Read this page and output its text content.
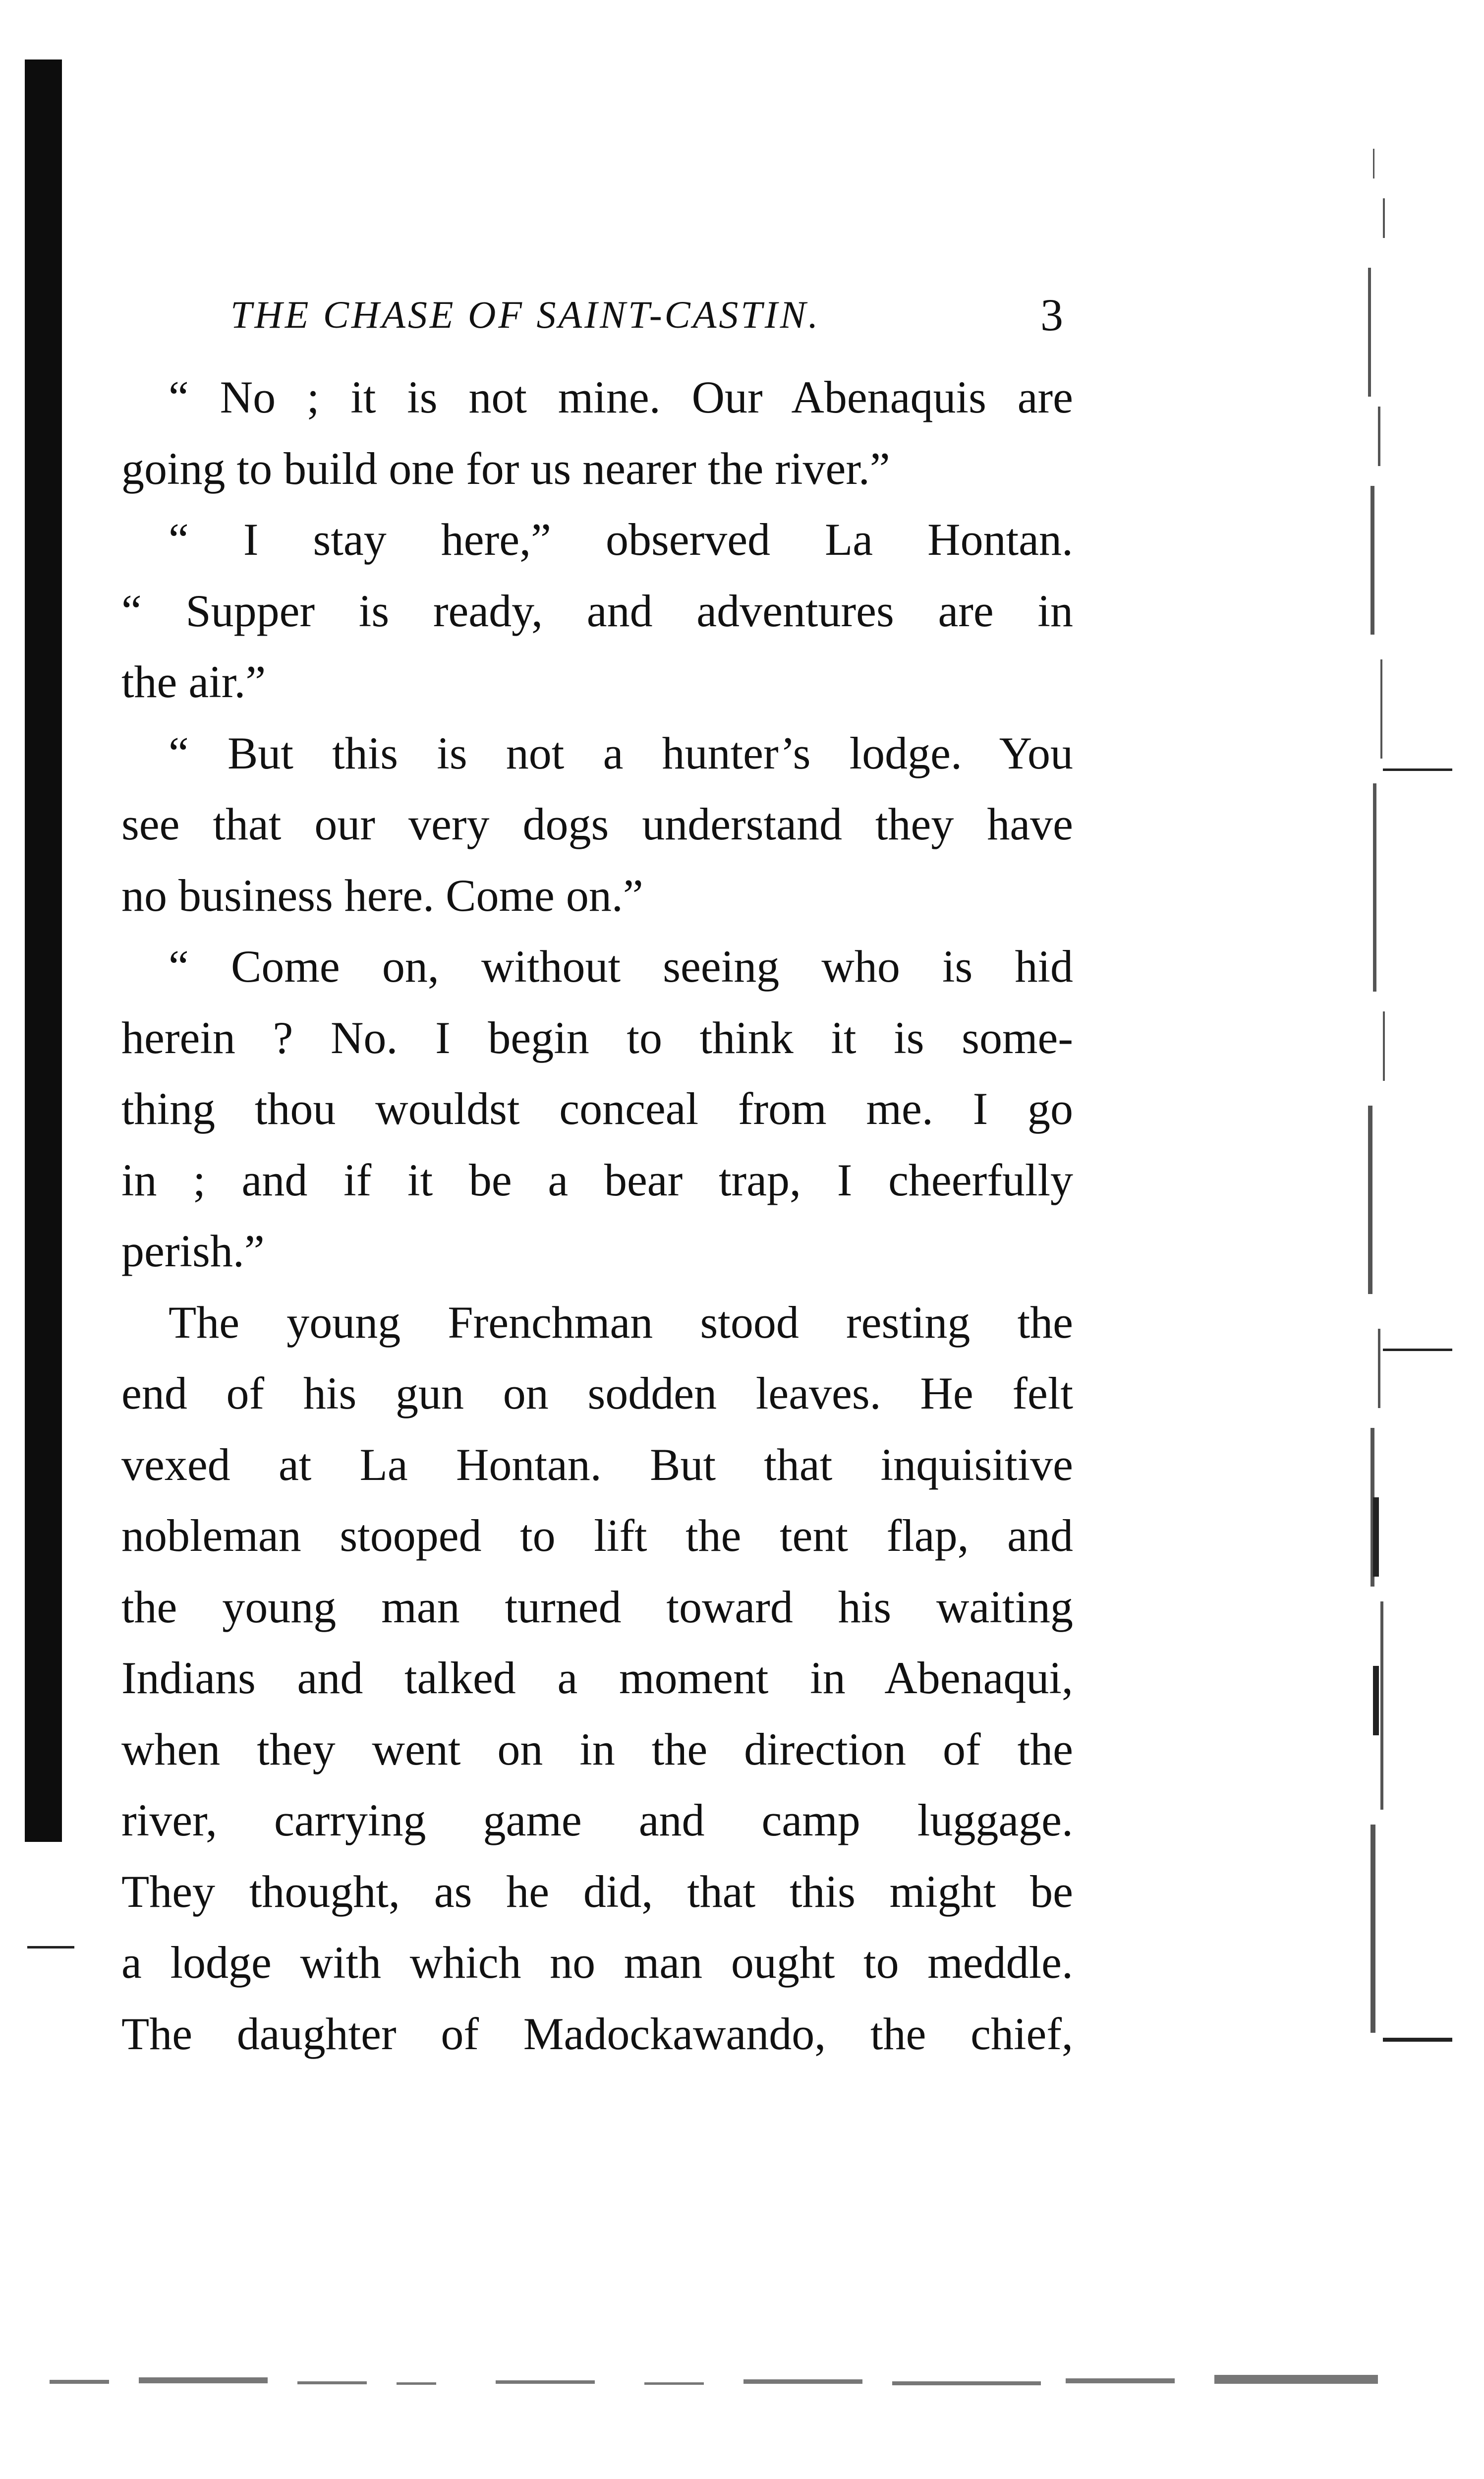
THE CHASE OF SAINT-CASTIN.	3
“ No ; it is not mine. Our Abenaquis are
going to build one for us nearer the river.”
“ I stay here,” observed La Hontan.
“ Supper is ready, and adventures are in
the air.”
“ But this is not a hunter’s lodge. You
see that our very dogs understand they have
no business here. Come on.”
“ Come on, without seeing who is hid
herein ? No. I begin to think it is some-
thing thou wouldst conceal from me. I go
in ; and if it be a bear trap, I cheerfully
perish.”
The young Frenchman stood resting the
end of his gun on sodden leaves. He felt
vexed at La Hontan. But that inquisitive
nobleman stooped to lift the tent flap, and
the young man turned toward his waiting
Indians and talked a moment in Abenaqui,
when they went on in the direction of the
river, carrying game and camp luggage.
They thought, as he did, that this might be
a lodge with which no man ought to meddle.
The daughter of Madockawando, the chief,
